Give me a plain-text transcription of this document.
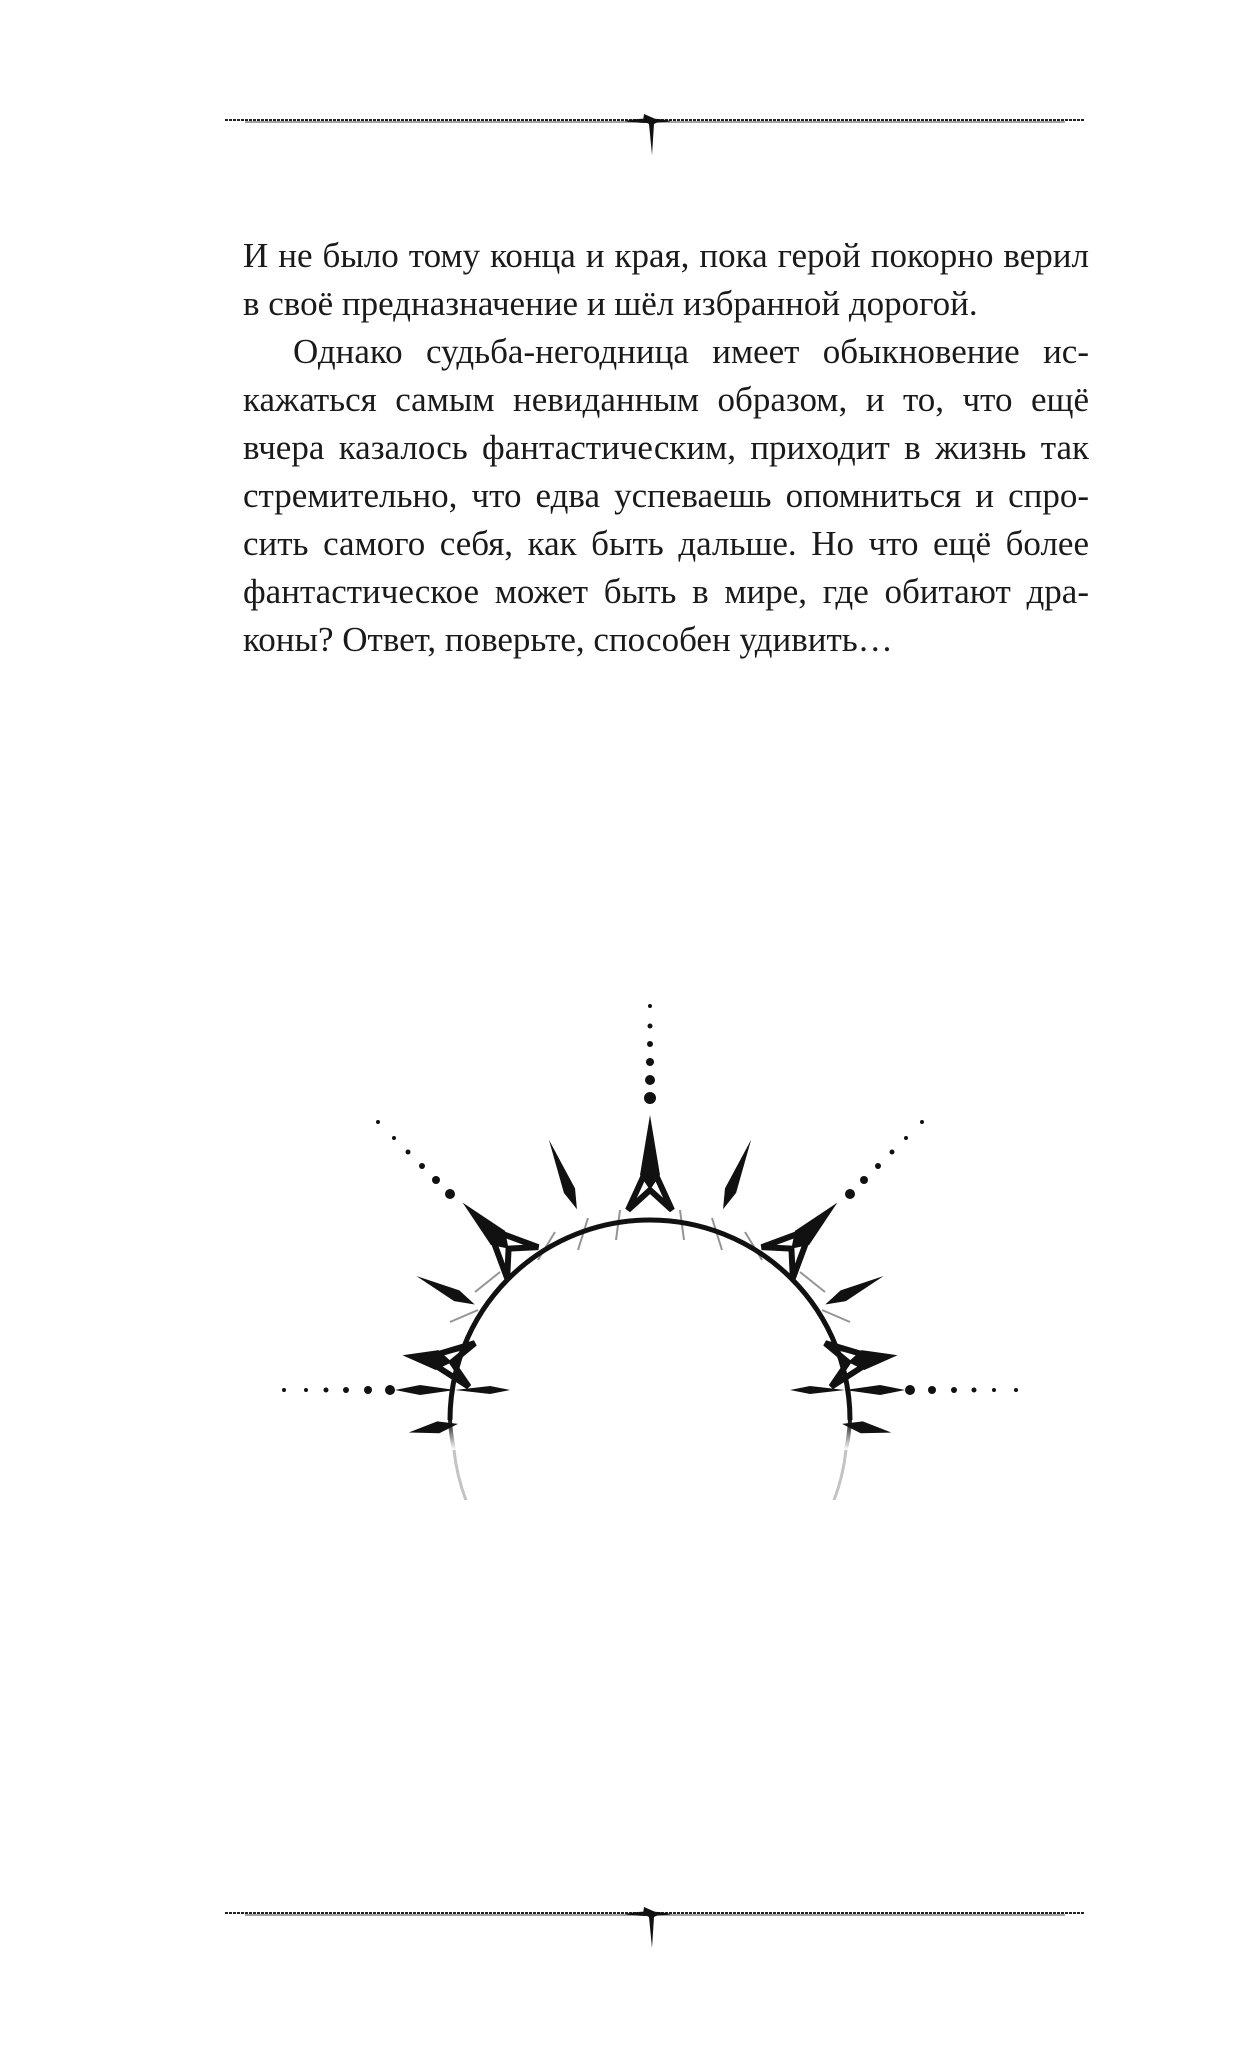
И не было тому конца и края, пока герой покорно верил в своё предназначение и шёл избранной дорогой.

Однако судьба-негодница имеет обыкновение искажаться самым невиданным образом, и то, что ещё вчера казалось фантастическим, приходит в жизнь так стремительно, что едва успеваешь опомниться и спросить самого себя, как быть дальше. Но что ещё более фантастическое может быть в мире, где обитают драконы? Ответ, поверьте, способен удивить…
